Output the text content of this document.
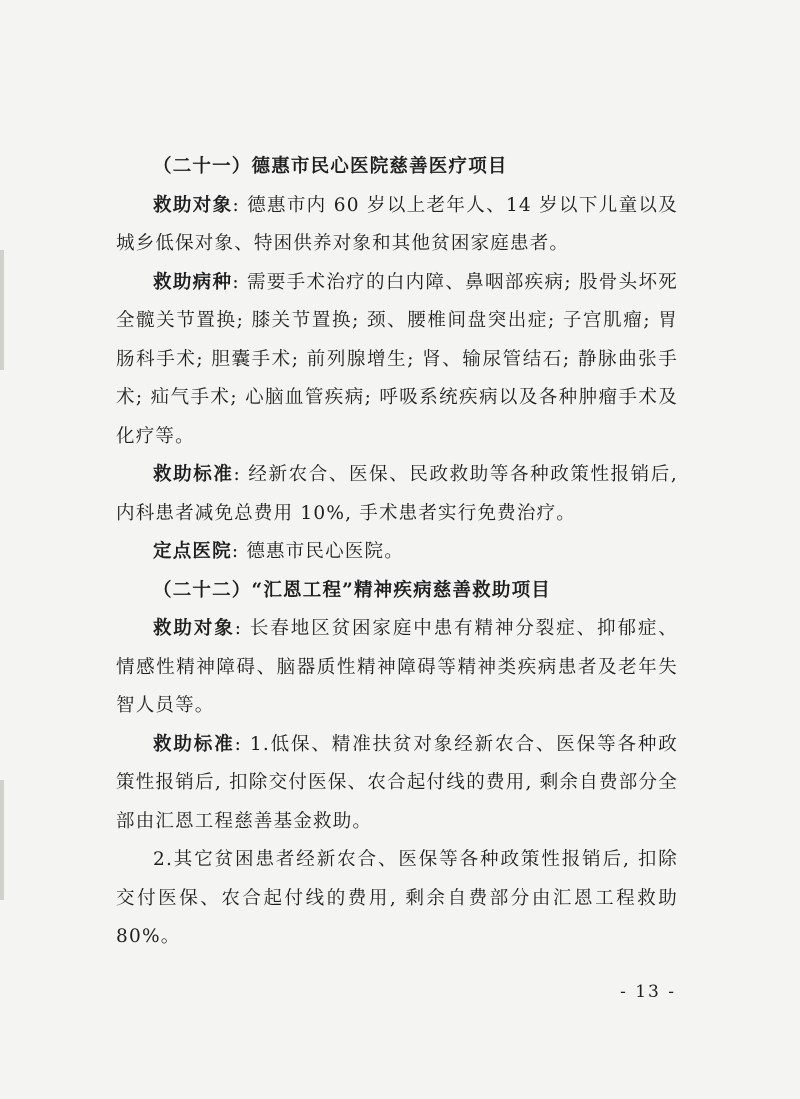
（二十一）德惠市民心医院慈善医疗项目

救助对象: 德惠市内 60 岁以上老年人、14 岁以下儿童以及城乡低保对象、特困供养对象和其他贫困家庭患者。

救助病种: 需要手术治疗的白内障、鼻咽部疾病; 股骨头坏死全髋关节置换; 膝关节置换; 颈、腰椎间盘突出症; 子宫肌瘤; 胃肠科手术; 胆囊手术; 前列腺增生; 肾、输尿管结石; 静脉曲张手术; 疝气手术; 心脑血管疾病; 呼吸系统疾病以及各种肿瘤手术及化疗等。

救助标准: 经新农合、医保、民政救助等各种政策性报销后, 内科患者减免总费用 10%, 手术患者实行免费治疗。

定点医院: 德惠市民心医院。

（二十二）“汇恩工程”精神疾病慈善救助项目

救助对象: 长春地区贫困家庭中患有精神分裂症、抑郁症、情感性精神障碍、脑器质性精神障碍等精神类疾病患者及老年失智人员等。

救助标准: 1.低保、精准扶贫对象经新农合、医保等各种政策性报销后, 扣除交付医保、农合起付线的费用, 剩余自费部分全部由汇恩工程慈善基金救助。

2.其它贫困患者经新农合、医保等各种政策性报销后, 扣除交付医保、农合起付线的费用, 剩余自费部分由汇恩工程救助 80%。

- 13 -
